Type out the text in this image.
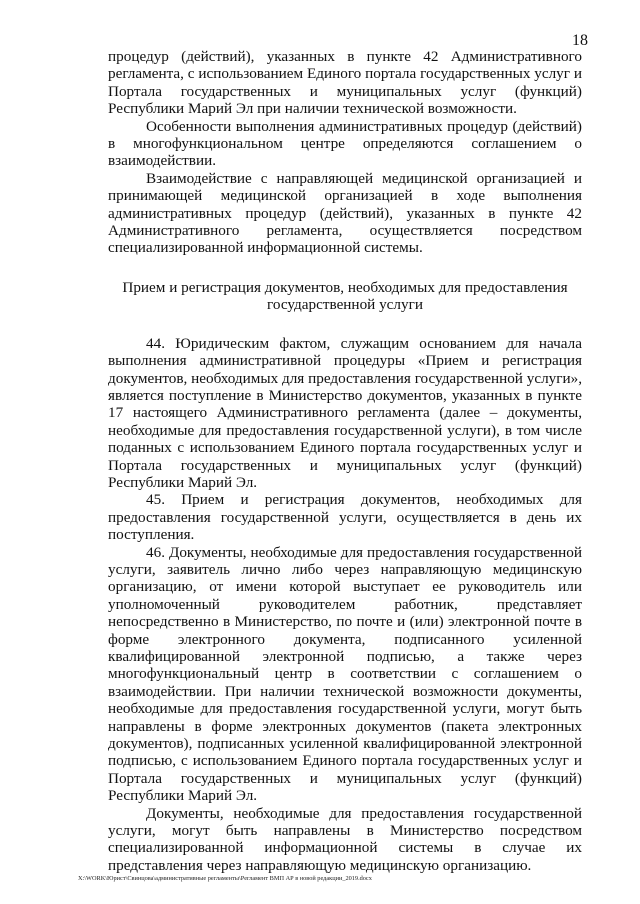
18

процедур (действий), указанных в пункте 42 Административного регламента, с использованием Единого портала государственных услуг и Портала государственных и муниципальных услуг (функций) Республики Марий Эл при наличии технической возможности.

Особенности выполнения административных процедур (действий) в многофункциональном центре определяются соглашением о взаимодействии.

Взаимодействие с направляющей медицинской организацией и принимающей медицинской организацией в ходе выполнения административных процедур (действий), указанных в пункте 42 Административного регламента, осуществляется посредством специализированной информационной системы.

Прием и регистрация документов, необходимых для предоставления
государственной услуги

44. Юридическим фактом, служащим основанием для начала выполнения административной процедуры «Прием и регистрация документов, необходимых для предоставления государственной услуги», является поступление в Министерство документов, указанных в пункте 17 настоящего Административного регламента (далее – документы, необходимые для предоставления государственной услуги), в том числе поданных с использованием Единого портала государственных услуг и Портала государственных и муниципальных услуг (функций) Республики Марий Эл.

45. Прием и регистрация документов, необходимых для предоставления государственной услуги, осуществляется в день их поступления.

46. Документы, необходимые для предоставления государственной услуги, заявитель лично либо через направляющую медицинскую организацию, от имени которой выступает ее руководитель или уполномоченный руководителем работник, представляет непосредственно в Министерство, по почте и (или) электронной почте в форме электронного документа, подписанного усиленной квалифицированной электронной подписью, а также через многофункциональный центр в соответствии с соглашением о взаимодействии. При наличии технической возможности документы, необходимые для предоставления государственной услуги, могут быть направлены в форме электронных документов (пакета электронных документов), подписанных усиленной квалифицированной электронной подписью, с использованием Единого портала государственных услуг и Портала государственных и муниципальных услуг (функций) Республики Марий Эл.

Документы, необходимые для предоставления государственной услуги, могут быть направлены в Министерство посредством специализированной информационной системы в случае их представления через направляющую медицинскую организацию.

X:\WORK\Юрист\Свинцова\административные регламенты\Регламент ВМП АР в новой редакции_2019.docx
